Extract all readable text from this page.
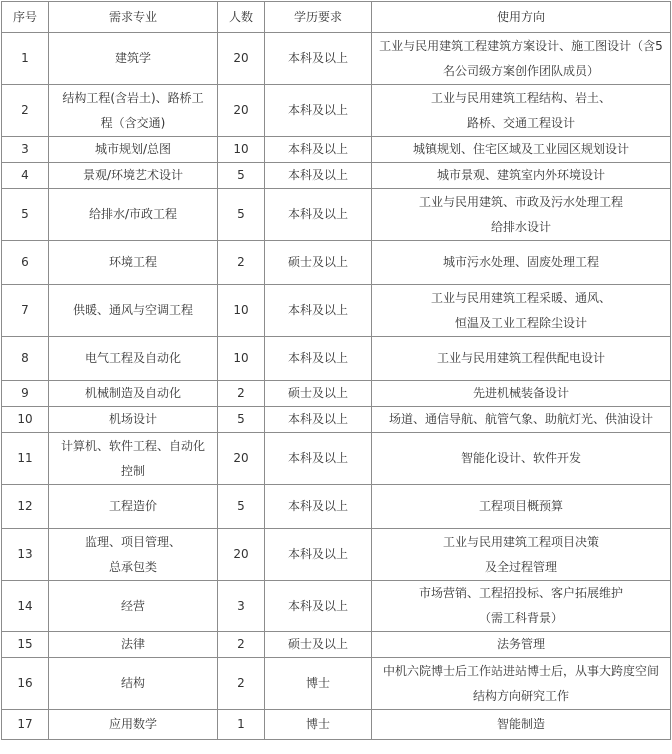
序号	需求专业	人数	学历要求	使用方向
1	建筑学	20	本科及以上	工业与民用建筑工程建筑方案设计、施工图设计（含5
名公司级方案创作团队成员）

2	结构工程(含岩土)、路桥工
程（含交通)	20	本科及以上	工业与民用建筑工程结构、岩土、
路桥、交通工程设计

3	城市规划/总图	10	本科及以上	城镇规划、住宅区域及工业园区规划设计

4	景观/环境艺术设计	5	本科及以上	城市景观、建筑室内外环境设计

5	给排水/市政工程	5	本科及以上	工业与民用建筑、市政及污水处理工程
给排水设计

6	环境工程	2	硕士及以上	城市污水处理、固废处理工程

7	供暖、通风与空调工程	10	本科及以上	工业与民用建筑工程采暖、通风、
恒温及工业工程除尘设计

8	电气工程及自动化	10	本科及以上	工业与民用建筑工程供配电设计

9	机械制造及自动化	2	硕士及以上	先进机械装备设计

10	机场设计	5	本科及以上	场道、通信导航、航管气象、助航灯光、供油设计

11	计算机、软件工程、自动化
控制	20	本科及以上	智能化设计、软件开发

12	工程造价	5	本科及以上	工程项目概预算

13	监理、项目管理、
总承包类	20	本科及以上	工业与民用建筑工程项目决策
及全过程管理

14	经营	3	本科及以上	市场营销、工程招投标、客户拓展维护
（需工科背景）

15	法律	2	硕士及以上	法务管理

16	结构	2	博士	中机六院博士后工作站进站博士后，从事大跨度空间
结构方向研究工作

17	应用数学	1	博士	智能制造
